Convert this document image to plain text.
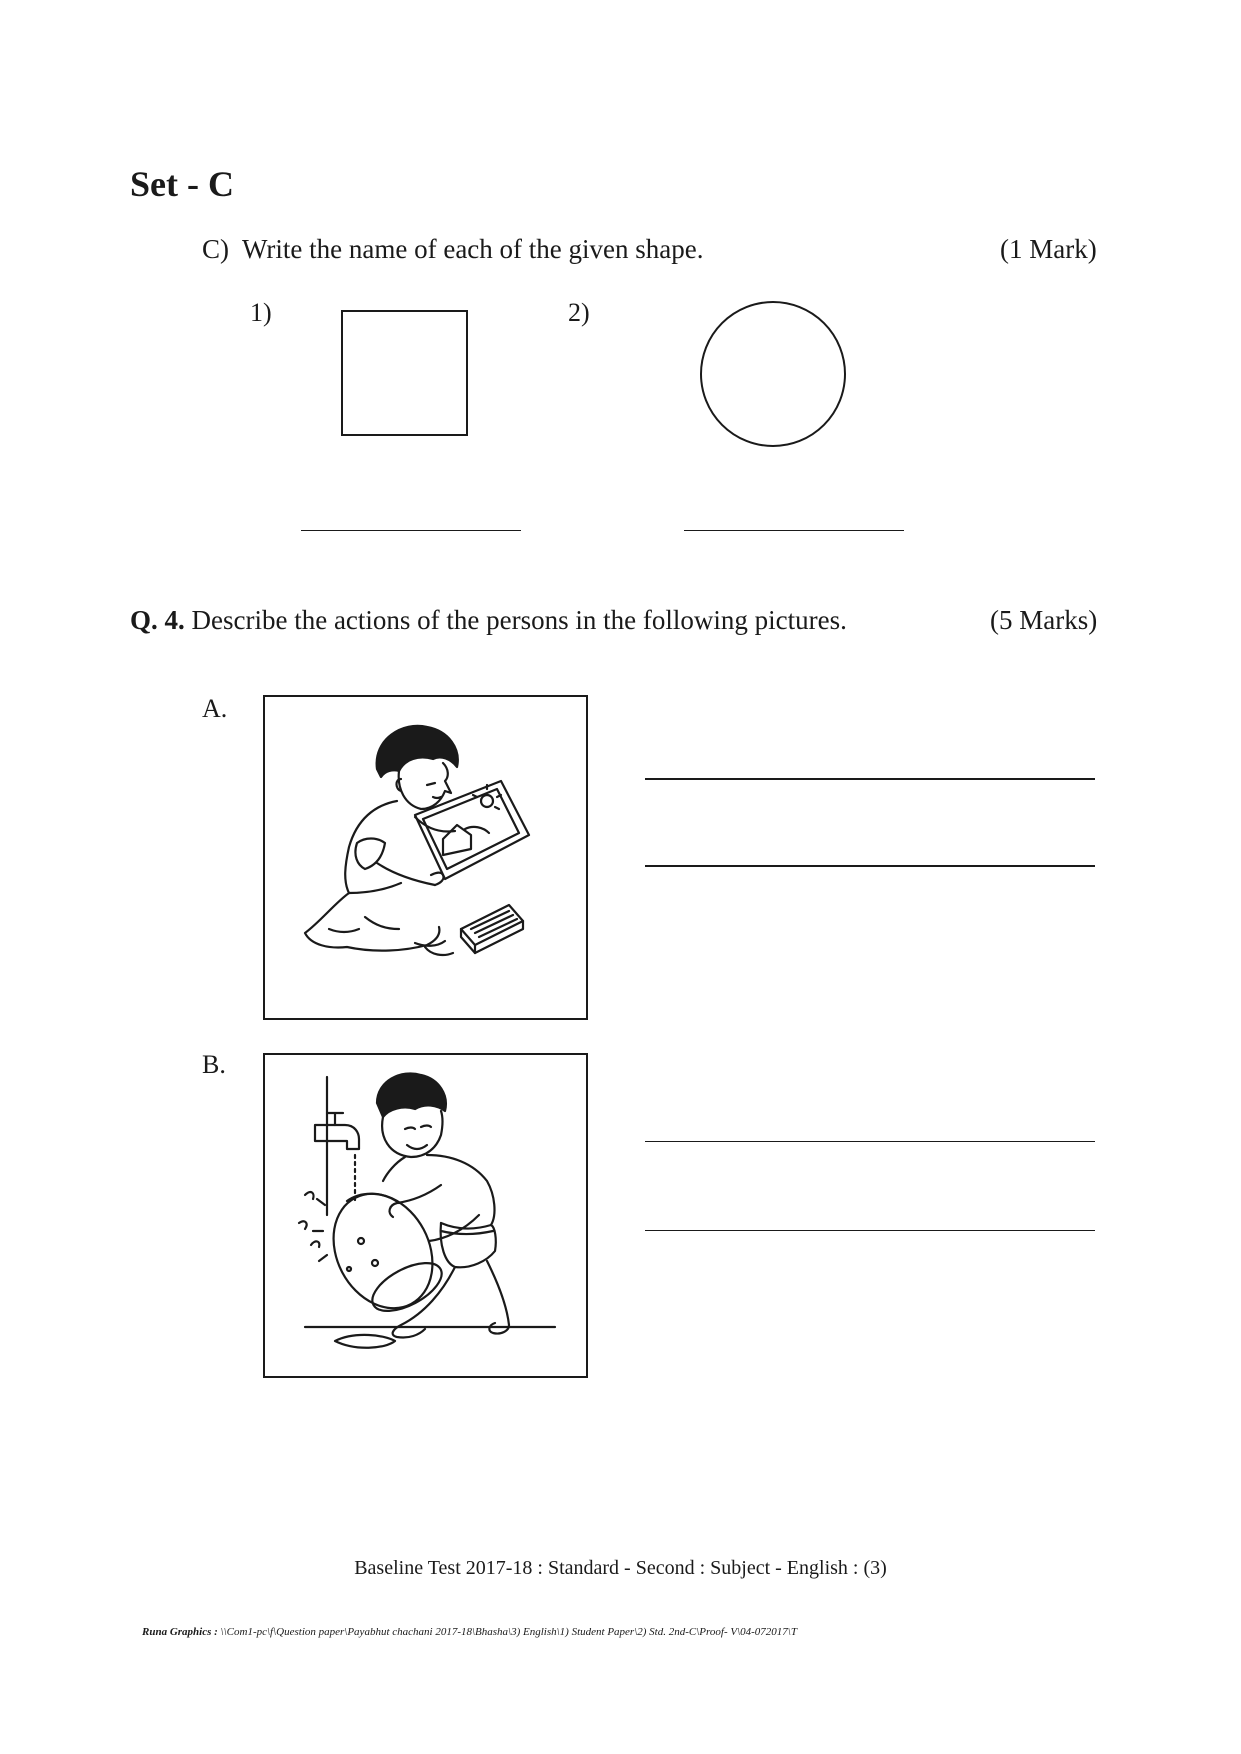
Set - C
C) Write the name of each of the given shape.	(1 Mark)
1)	2)
Q. 4. Describe the actions of the persons in the following pictures.	(5 Marks)
A.
B.
Baseline Test 2017-18 : Standard - Second : Subject - English : (3)
Runa Graphics : \\Com1-pc\f\Question paper\Payabhut chachani 2017-18\Bhasha\3) English\1) Student Paper\2) Std. 2nd-C\Proof- V\04-072017\T
